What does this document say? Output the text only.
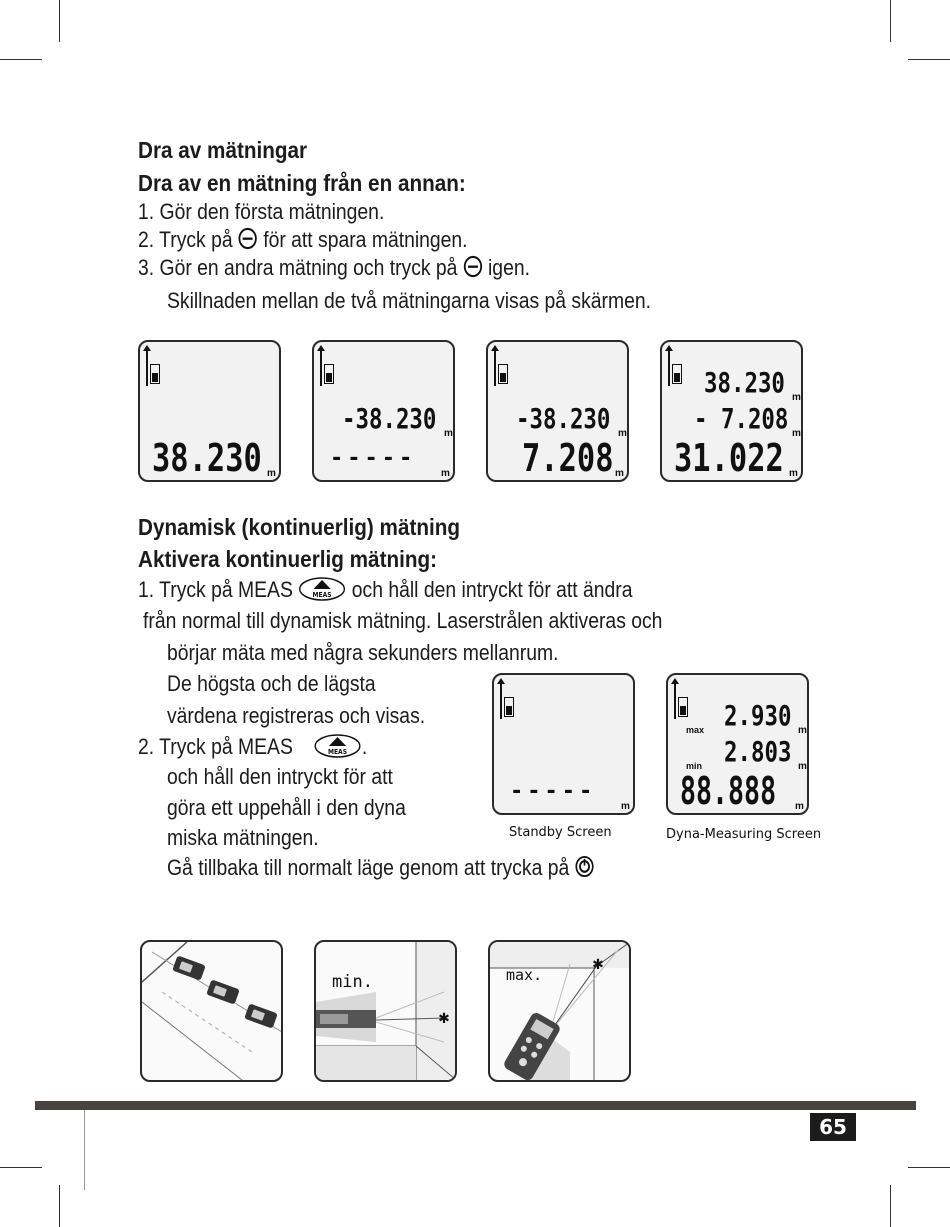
Dra av mätningar
Dra av en mätning från en annan:
1. Gör den första mätningen.
2. Tryck på för att spara mätningen.
3. Gör en andra mätning och tryck på igen.
Skillnaden mellan de två mätningarna visas på skärmen.
38.230 m
-38.230 m
-----
m
-38.230 m
7.208 m
38.230 m
- 7.208 m
31.022 m
Dynamisk (kontinuerlig) mätning
Aktivera kontinuerlig mätning:
1. Tryck på MEAS	MEAS och håll den intryckt för att ändra
från normal till dynamisk mätning. Laserstrålen aktiveras och
börjar mäta med några sekunders mellanrum.
De högsta och de lägsta
värdena registreras och visas.
2. Tryck på MEAS	MEAS .
och håll den intryckt för att
göra ett uppehåll i den dyna
miska mätningen.
Gå tillbaka till normalt läge genom att trycka på
-----
m
Standby Screen
max 2.930 m
min 2.803 m
88.888 m
Dyna-Measuring Screen
✱
min.
✱
max.
65
